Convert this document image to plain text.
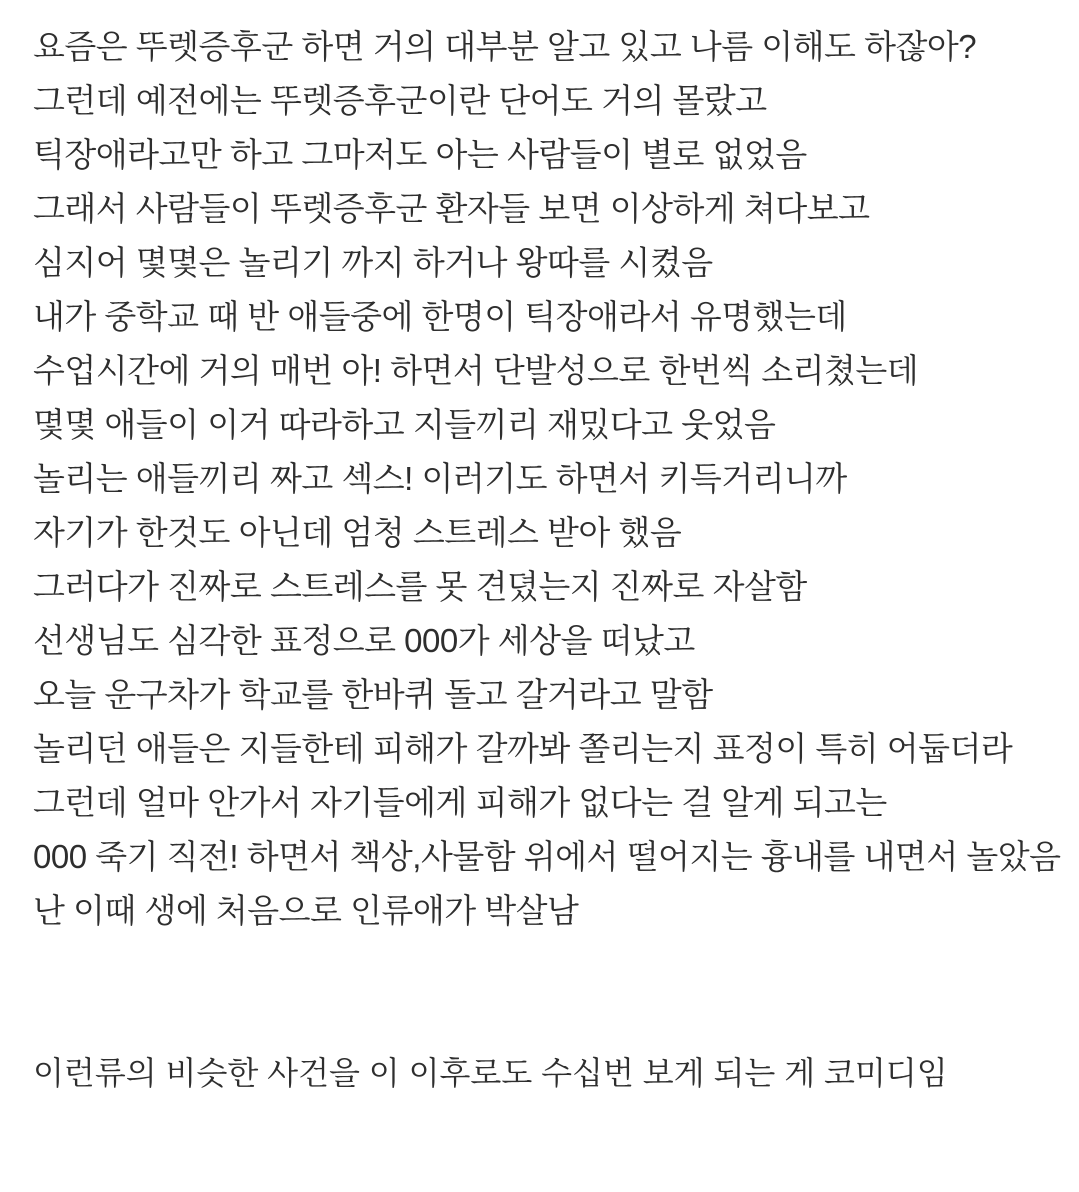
요즘은 뚜렛증후군 하면 거의 대부분 알고 있고 나름 이해도 하잖아?
그런데 예전에는 뚜렛증후군이란 단어도 거의 몰랐고
틱장애라고만 하고 그마저도 아는 사람들이 별로 없었음
그래서 사람들이 뚜렛증후군 환자들 보면 이상하게 쳐다보고
심지어 몇몇은 놀리기 까지 하거나 왕따를 시켰음
내가 중학교 때 반 애들중에 한명이 틱장애라서 유명했는데
수업시간에 거의 매번 아! 하면서 단발성으로 한번씩 소리쳤는데
몇몇 애들이 이거 따라하고 지들끼리 재밌다고 웃었음
놀리는 애들끼리 짜고 섹스! 이러기도 하면서 키득거리니까
자기가 한것도 아닌데 엄청 스트레스 받아 했음
그러다가 진짜로 스트레스를 못 견뎠는지 진짜로 자살함
선생님도 심각한 표정으로 000가 세상을 떠났고
오늘 운구차가 학교를 한바퀴 돌고 갈거라고 말함
놀리던 애들은 지들한테 피해가 갈까봐 쫄리는지 표정이 특히 어둡더라
그런데 얼마 안가서 자기들에게 피해가 없다는 걸 알게 되고는
000 죽기 직전! 하면서 책상,사물함 위에서 떨어지는 흉내를 내면서 놀았음
난 이때 생에 처음으로 인류애가 박살남
이런류의 비슷한 사건을 이 이후로도 수십번 보게 되는 게 코미디임
